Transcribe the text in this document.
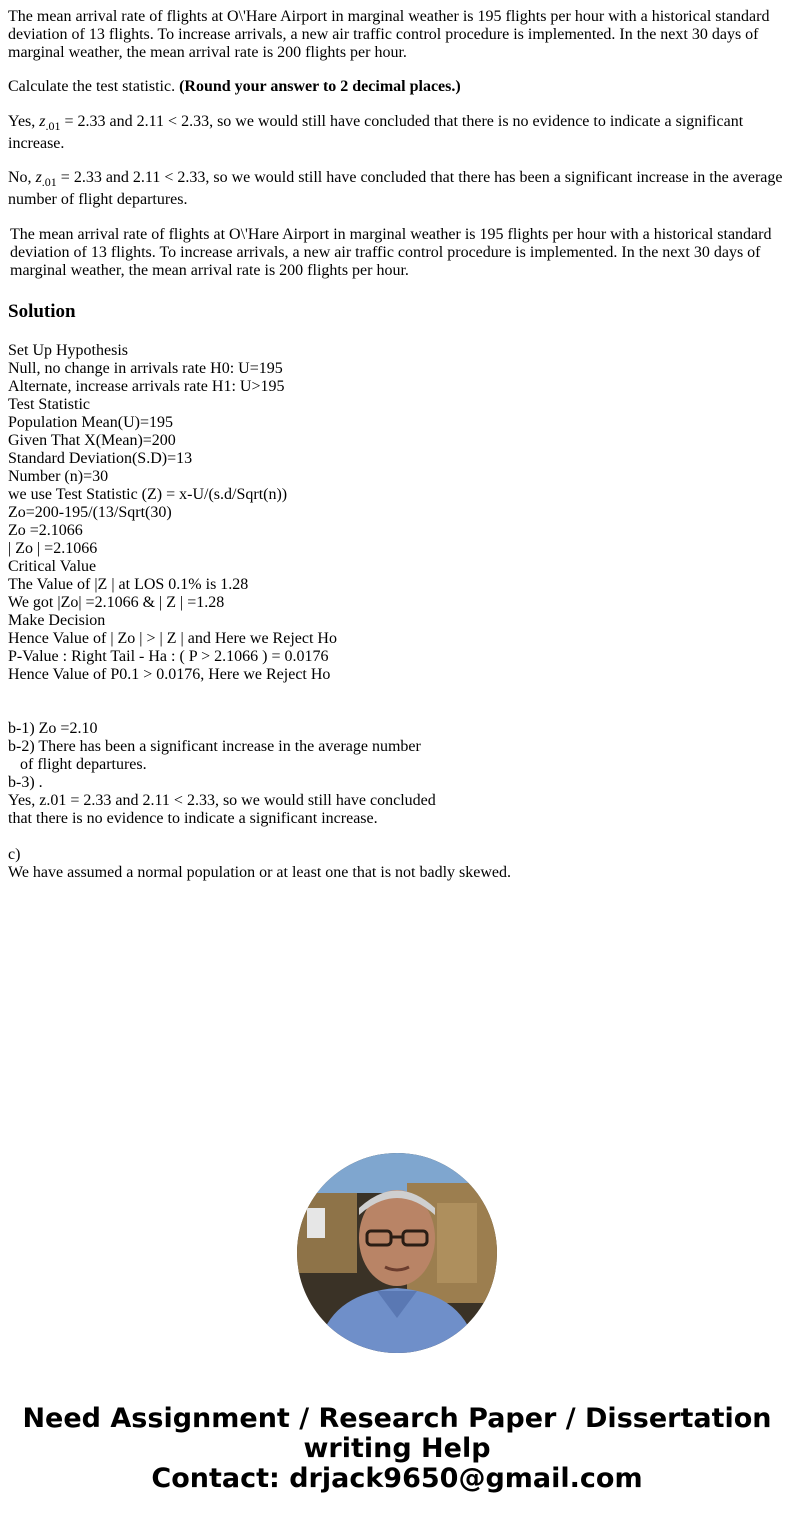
The mean arrival rate of flights at O\'Hare Airport in marginal weather is 195 flights per hour with a historical standard deviation of 13 flights. To increase arrivals, a new air traffic control procedure is implemented. In the next 30 days of marginal weather, the mean arrival rate is 200 flights per hour.

Calculate the test statistic. (Round your answer to 2 decimal places.)

Yes, $z_{.01} = 2.33$ and 2.11 < 2.33, so we would still have concluded that there is no evidence to indicate a significant increase.

No, $z_{.01} = 2.33$ and 2.11 < 2.33, so we would still have concluded that there has been a significant increase in the average number of flight departures.

The mean arrival rate of flights at O\'Hare Airport in marginal weather is 195 flights per hour with a historical standard deviation of 13 flights. To increase arrivals, a new air traffic control procedure is implemented. In the next 30 days of marginal weather, the mean arrival rate is 200 flights per hour.

Solution
Set Up Hypothesis
Null, no change in arrivals rate H0: U=195
Alternate, increase arrivals rate H1: U>195
Test Statistic
Population Mean(U)=195
Given That X(Mean)=200
Standard Deviation(S.D)=13
Number (n)=30
we use Test Statistic (Z) = x-U/(s.d/Sqrt(n))
Zo=200-195/(13/Sqrt(30)
Zo =2.1066
| Zo | =2.1066
Critical Value
The Value of |Z | at LOS 0.1% is 1.28
We got |Zo| =2.1066 & | Z | =1.28
Make Decision
Hence Value of | Zo | > | Z | and Here we Reject Ho
P-Value : Right Tail - Ha : ( P > 2.1066 ) = 0.0176
Hence Value of P0.1 > 0.0176, Here we Reject Ho
b-1) Zo =2.10
b-2) There has been a significant increase in the average number
of flight departures.
b-3) .
Yes, z.01 = 2.33 and 2.11 < 2.33, so we would still have concluded
that there is no evidence to indicate a significant increase.
c)
We have assumed a normal population or at least one that is not badly skewed.
Need Assignment / Research Paper / Dissertation
writing Help
Contact: drjack9650@gmail.com
